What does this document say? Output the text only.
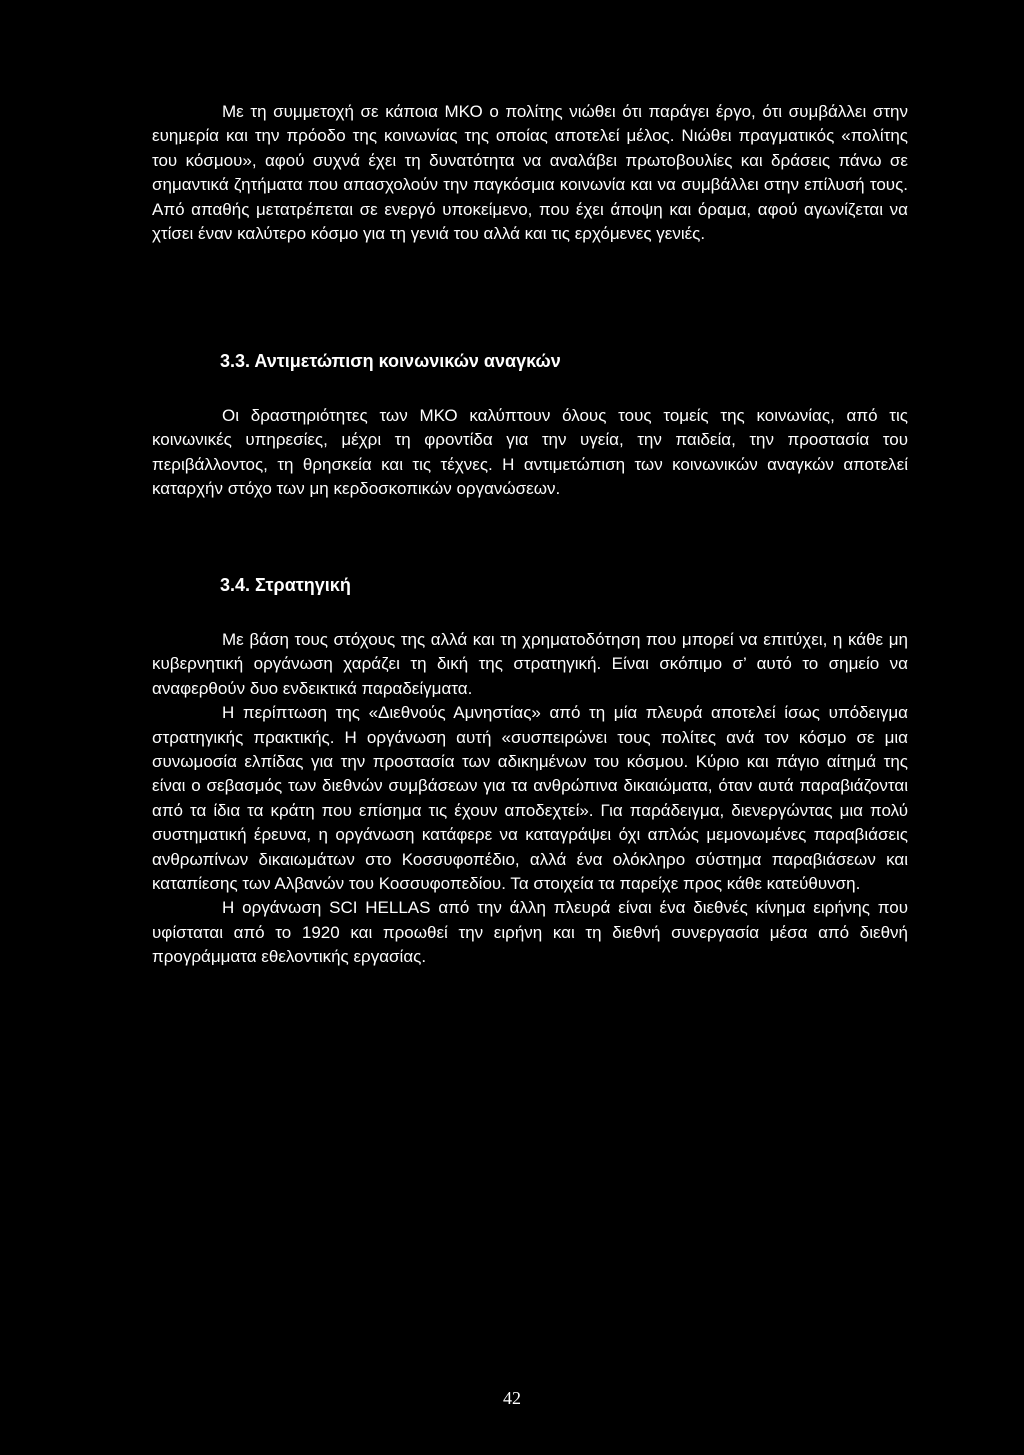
Με τη συμμετοχή σε κάποια ΜΚΟ ο πολίτης νιώθει ότι παράγει έργο, ότι συμβάλλει στην ευημερία και την πρόοδο της κοινωνίας της οποίας αποτελεί μέλος. Νιώθει πραγματικός «πολίτης του κόσμου», αφού συχνά έχει τη δυνατότητα να αναλάβει πρωτοβουλίες και δράσεις πάνω σε σημαντικά ζητήματα που απασχολούν την παγκόσμια κοινωνία και να συμβάλλει στην επίλυσή τους. Από απαθής μετατρέπεται σε ενεργό υποκείμενο, που έχει άποψη και όραμα, αφού αγωνίζεται να χτίσει έναν καλύτερο κόσμο για τη γενιά του αλλά και τις ερχόμενες γενιές.

3.3. Αντιμετώπιση κοινωνικών αναγκών

Οι δραστηριότητες των ΜΚΟ καλύπτουν όλους τους τομείς της κοινωνίας, από τις κοινωνικές υπηρεσίες, μέχρι τη φροντίδα για την υγεία, την παιδεία, την προστασία του περιβάλλοντος, τη θρησκεία και τις τέχνες. Η αντιμετώπιση των κοινωνικών αναγκών αποτελεί καταρχήν στόχο των μη κερδοσκοπικών οργανώσεων.

3.4. Στρατηγική

Με βάση τους στόχους της αλλά και τη χρηματοδότηση που μπορεί να επιτύχει, η κάθε μη κυβερνητική οργάνωση χαράζει τη δική της στρατηγική. Είναι σκόπιμο σ’ αυτό το σημείο να αναφερθούν δυο ενδεικτικά παραδείγματα.

Η περίπτωση της «Διεθνούς Αμνηστίας» από τη μία πλευρά αποτελεί ίσως υπόδειγμα στρατηγικής πρακτικής. Η οργάνωση αυτή «συσπειρώνει τους πολίτες ανά τον κόσμο σε μια συνωμοσία ελπίδας για την προστασία των αδικημένων του κόσμου. Κύριο και πάγιο αίτημά της είναι ο σεβασμός των διεθνών συμβάσεων για τα ανθρώπινα δικαιώματα, όταν αυτά παραβιάζονται από τα ίδια τα κράτη που επίσημα τις έχουν αποδεχτεί». Για παράδειγμα, διενεργώντας μια πολύ συστηματική έρευνα, η οργάνωση κατάφερε να καταγράψει όχι απλώς μεμονωμένες παραβιάσεις ανθρωπίνων δικαιωμάτων στο Κοσσυφοπέδιο, αλλά ένα ολόκληρο σύστημα παραβιάσεων και καταπίεσης των Αλβανών του Κοσσυφοπεδίου. Τα στοιχεία τα παρείχε προς κάθε κατεύθυνση.

Η οργάνωση SCI HELLAS από την άλλη πλευρά είναι ένα διεθνές κίνημα ειρήνης που υφίσταται από το 1920 και προωθεί την ειρήνη και τη διεθνή συνεργασία μέσα από διεθνή προγράμματα εθελοντικής εργασίας.

42
